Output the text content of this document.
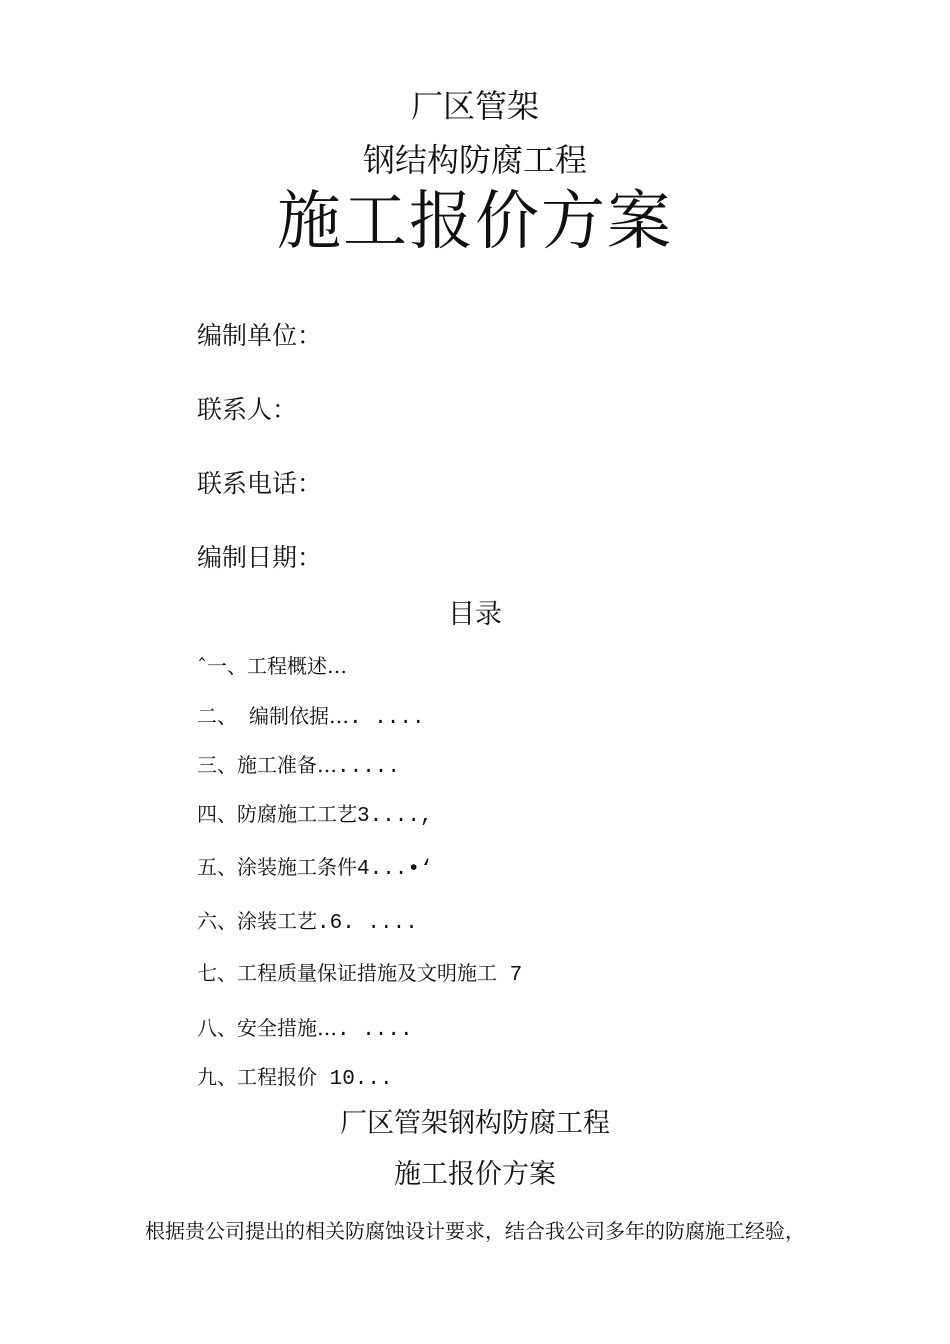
厂区管架
钢结构防腐工程
施工报价方案
编制单位：
联系人：
联系电话：
编制日期：
目录
ˆ一、工程概述…
二、 编制依据…. ....
三、施工准备….....
四、防腐施工工艺3....,
五、涂装施工条件4...•‘
六、涂装工艺.6. ....
七、工程质量保证措施及文明施工 7
八、安全措施…. ....
九、工程报价 10...
厂区管架钢构防腐工程
施工报价方案
根据贵公司提出的相关防腐蚀设计要求，结合我公司多年的防腐施工经验，
